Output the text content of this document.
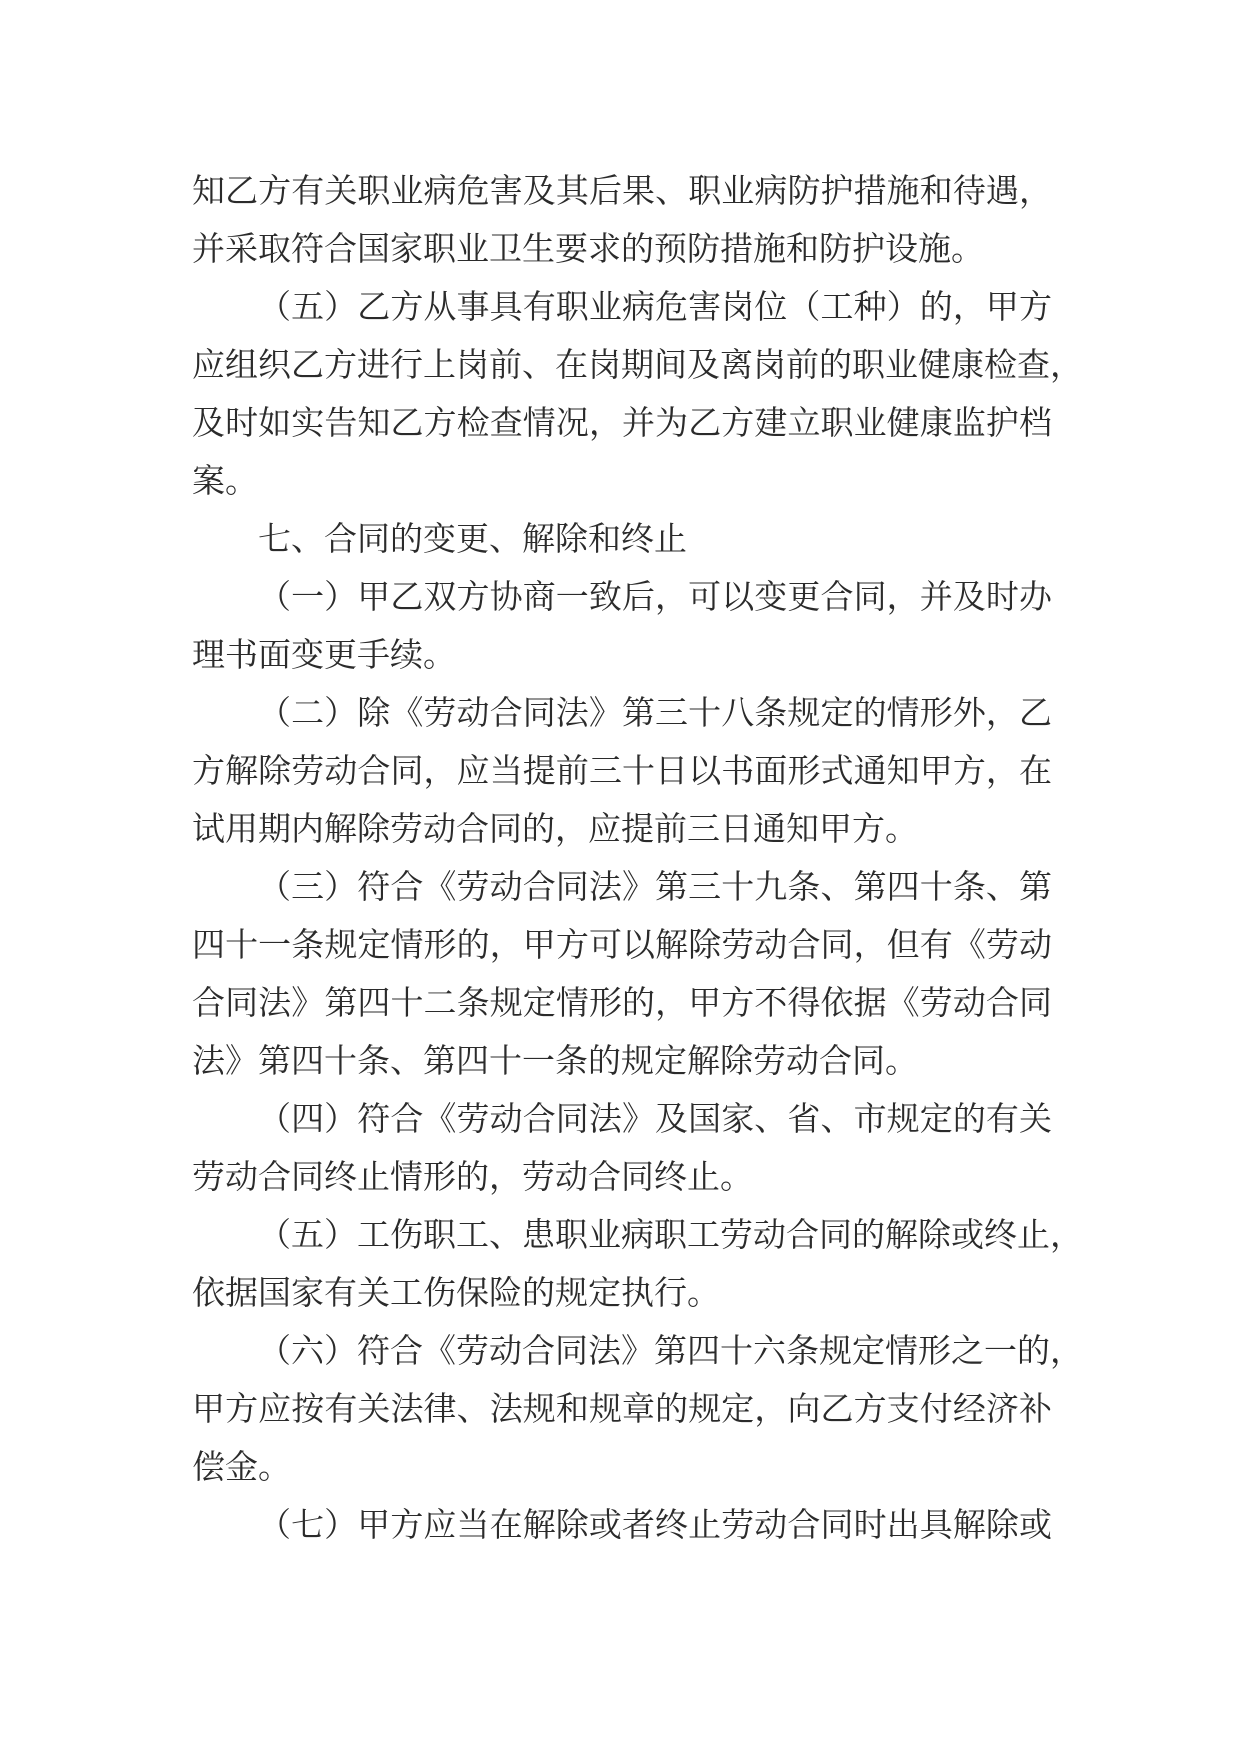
知乙方有关职业病危害及其后果、职业病防护措施和待遇，
并采取符合国家职业卫生要求的预防措施和防护设施。
（五）乙方从事具有职业病危害岗位（工种）的，甲方
应组织乙方进行上岗前、在岗期间及离岗前的职业健康检查，
及时如实告知乙方检查情况，并为乙方建立职业健康监护档
案。
七、合同的变更、解除和终止
（一）甲乙双方协商一致后，可以变更合同，并及时办
理书面变更手续。
（二）除《劳动合同法》第三十八条规定的情形外，乙
方解除劳动合同，应当提前三十日以书面形式通知甲方，在
试用期内解除劳动合同的，应提前三日通知甲方。
（三）符合《劳动合同法》第三十九条、第四十条、第
四十一条规定情形的，甲方可以解除劳动合同，但有《劳动
合同法》第四十二条规定情形的，甲方不得依据《劳动合同
法》第四十条、第四十一条的规定解除劳动合同。
（四）符合《劳动合同法》及国家、省、市规定的有关
劳动合同终止情形的，劳动合同终止。
（五）工伤职工、患职业病职工劳动合同的解除或终止，
依据国家有关工伤保险的规定执行。
（六）符合《劳动合同法》第四十六条规定情形之一的，
甲方应按有关法律、法规和规章的规定，向乙方支付经济补
偿金。
（七）甲方应当在解除或者终止劳动合同时出具解除或
